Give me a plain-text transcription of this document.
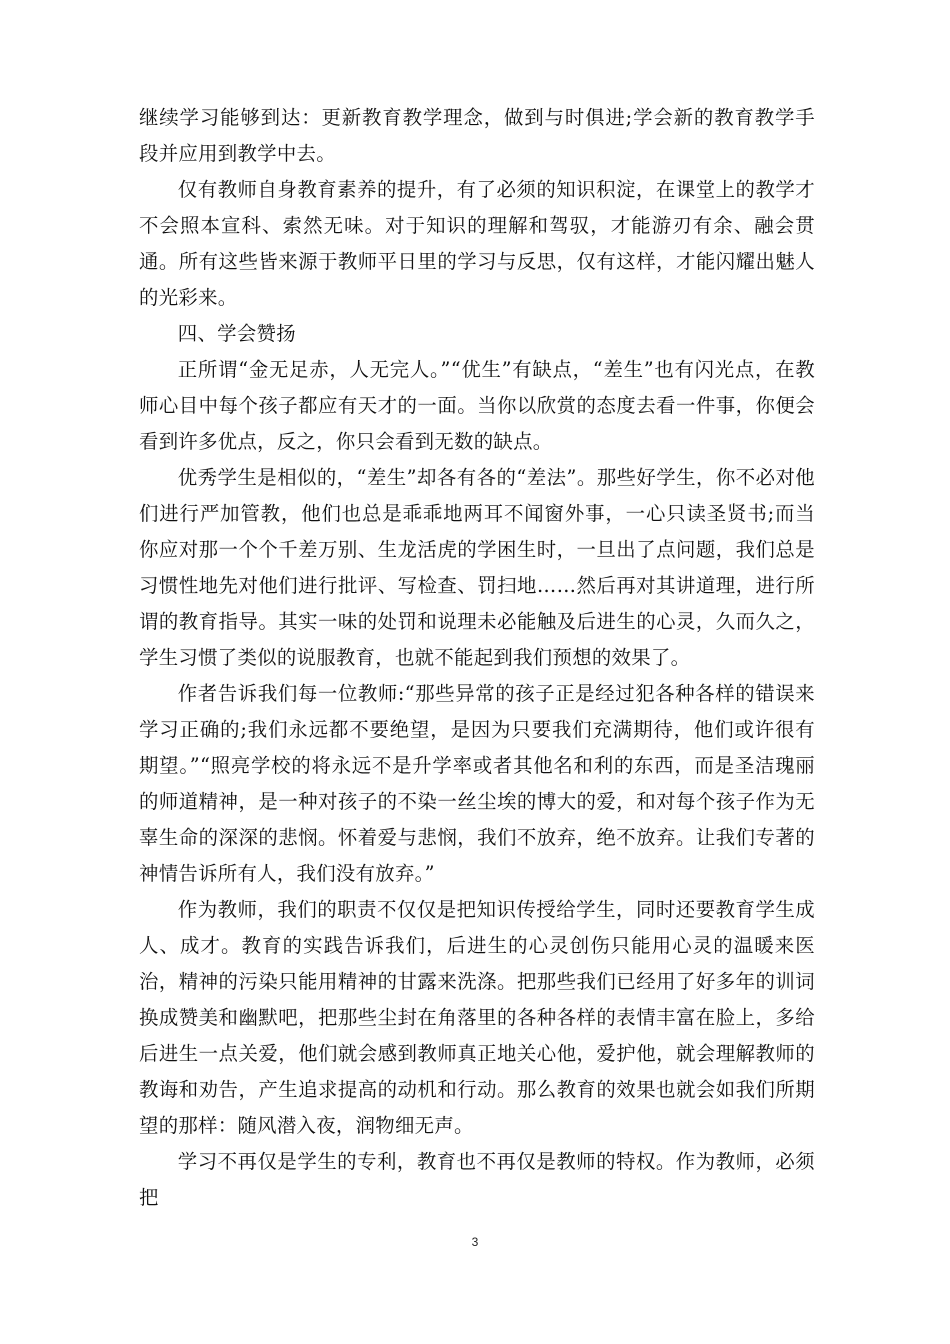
继续学习能够到达：更新教育教学理念，做到与时俱进;学会新的教育教学手段并应用到教学中去。

仅有教师自身教育素养的提升，有了必须的知识积淀，在课堂上的教学才不会照本宣科、索然无味。对于知识的理解和驾驭，才能游刃有余、融会贯通。所有这些皆来源于教师平日里的学习与反思，仅有这样，才能闪耀出魅人的光彩来。

四、学会赞扬

正所谓“金无足赤，人无完人。”“优生”有缺点，“差生”也有闪光点，在教师心目中每个孩子都应有天才的一面。当你以欣赏的态度去看一件事，你便会看到许多优点，反之，你只会看到无数的缺点。

优秀学生是相似的，“差生”却各有各的“差法”。那些好学生，你不必对他们进行严加管教，他们也总是乖乖地两耳不闻窗外事，一心只读圣贤书;而当你应对那一个个千差万别、生龙活虎的学困生时，一旦出了点问题，我们总是习惯性地先对他们进行批评、写检查、罚扫地……然后再对其讲道理，进行所谓的教育指导。其实一味的处罚和说理未必能触及后进生的心灵，久而久之，学生习惯了类似的说服教育，也就不能起到我们预想的效果了。

作者告诉我们每一位教师:“那些异常的孩子正是经过犯各种各样的错误来学习正确的;我们永远都不要绝望，是因为只要我们充满期待，他们或许很有期望。”“照亮学校的将永远不是升学率或者其他名和利的东西，而是圣洁瑰丽的师道精神，是一种对孩子的不染一丝尘埃的博大的爱，和对每个孩子作为无辜生命的深深的悲悯。怀着爱与悲悯，我们不放弃，绝不放弃。让我们专著的神情告诉所有人，我们没有放弃。”

作为教师，我们的职责不仅仅是把知识传授给学生，同时还要教育学生成人、成才。教育的实践告诉我们，后进生的心灵创伤只能用心灵的温暖来医治，精神的污染只能用精神的甘露来洗涤。把那些我们已经用了好多年的训词换成赞美和幽默吧，把那些尘封在角落里的各种各样的表情丰富在脸上，多给后进生一点关爱，他们就会感到教师真正地关心他，爱护他，就会理解教师的教诲和劝告，产生追求提高的动机和行动。那么教育的效果也就会如我们所期望的那样：随风潜入夜，润物细无声。

学习不再仅是学生的专利，教育也不再仅是教师的特权。作为教师，必须把

3
